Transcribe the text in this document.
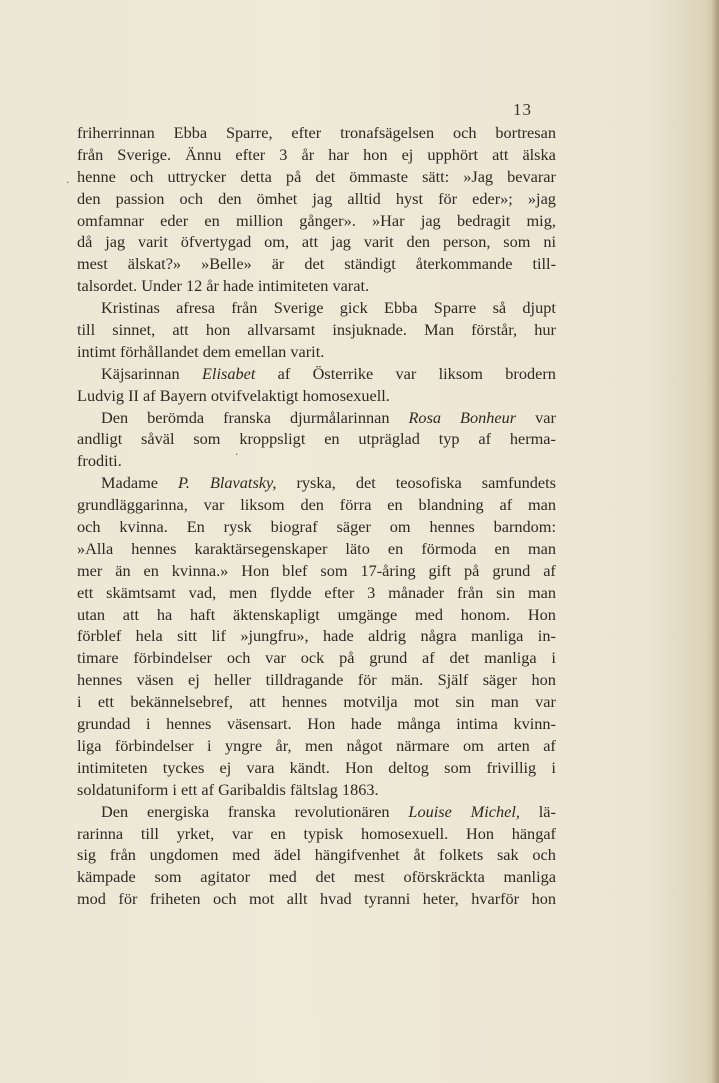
13
friherrinnan Ebba Sparre, efter tronafsägelsen och bortresan
från Sverige. Ännu efter 3 år har hon ej upphört att älska
henne och uttrycker detta på det ömmaste sätt: »Jag bevarar
den passion och den ömhet jag alltid hyst för eder»; »jag
omfamnar eder en million gånger». »Har jag bedragit mig,
då jag varit öfvertygad om, att jag varit den person, som ni
mest älskat?» »Belle» är det ständigt återkommande till-
talsordet. Under 12 år hade intimiteten varat.
Kristinas afresa från Sverige gick Ebba Sparre så djupt
till sinnet, att hon allvarsamt insjuknade. Man förstår, hur
intimt förhållandet dem emellan varit.
Käjsarinnan Elisabet af Österrike var liksom brodern
Ludvig II af Bayern otvifvelaktigt homosexuell.
Den berömda franska djurmålarinnan Rosa Bonheur var
andligt såväl som kroppsligt en utpräglad typ af herma-
froditi.
Madame P. Blavatsky, ryska, det teosofiska samfundets
grundläggarinna, var liksom den förra en blandning af man
och kvinna. En rysk biograf säger om hennes barndom:
»Alla hennes karaktärsegenskaper läto en förmoda en man
mer än en kvinna.» Hon blef som 17-åring gift på grund af
ett skämtsamt vad, men flydde efter 3 månader från sin man
utan att ha haft äktenskapligt umgänge med honom. Hon
förblef hela sitt lif »jungfru», hade aldrig några manliga in-
timare förbindelser och var ock på grund af det manliga i
hennes väsen ej heller tilldragande för män. Själf säger hon
i ett bekännelsebref, att hennes motvilja mot sin man var
grundad i hennes väsensart. Hon hade många intima kvinn-
liga förbindelser i yngre år, men något närmare om arten af
intimiteten tyckes ej vara kändt. Hon deltog som frivillig i
soldatuniform i ett af Garibaldis fältslag 1863.
Den energiska franska revolutionären Louise Michel, lä-
rarinna till yrket, var en typisk homosexuell. Hon hängaf
sig från ungdomen med ädel hängifvenhet åt folkets sak och
kämpade som agitator med det mest oförskräckta manliga
mod för friheten och mot allt hvad tyranni heter, hvarför hon
·
·
